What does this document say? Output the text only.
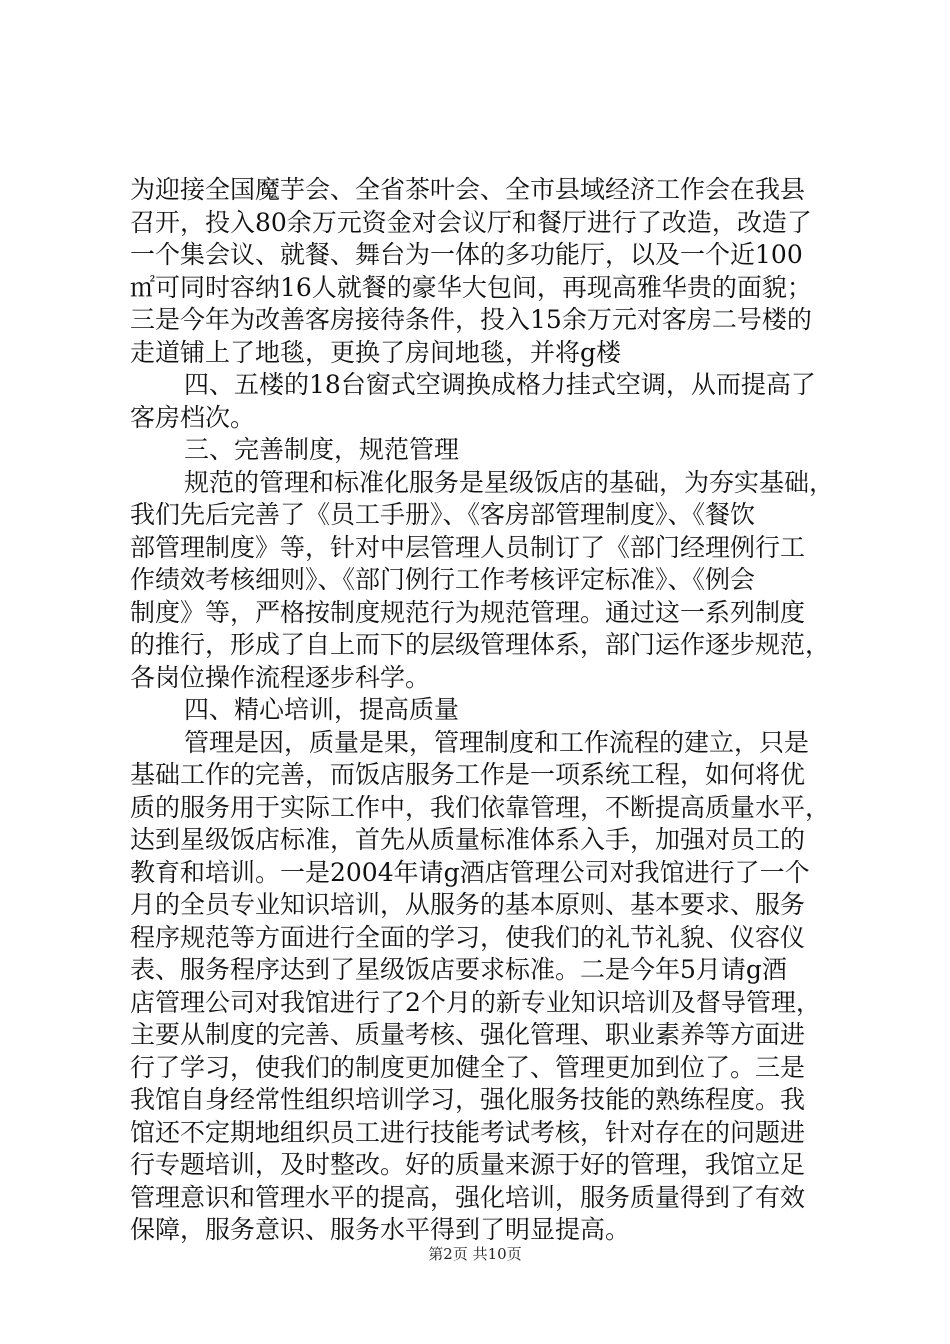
为迎接全国魔芋会、全省茶叶会、全市县域经济工作会在我县
召开，投入80余万元资金对会议厅和餐厅进行了改造，改造了
一个集会议、就餐、舞台为一体的多功能厅，以及一个近100
㎡可同时容纳16人就餐的豪华大包间，再现高雅华贵的面貌；
三是今年为改善客房接待条件，投入15余万元对客房二号楼的
走道铺上了地毯，更换了房间地毯，并将g楼
四、五楼的18台窗式空调换成格力挂式空调，从而提高了
客房档次。
三、完善制度，规范管理
规范的管理和标准化服务是星级饭店的基础，为夯实基础，
我们先后完善了《员工手册》、《客房部管理制度》、《餐饮
部管理制度》等，针对中层管理人员制订了《部门经理例行工
作绩效考核细则》、《部门例行工作考核评定标准》、《例会
制度》等，严格按制度规范行为规范管理。通过这一系列制度
的推行，形成了自上而下的层级管理体系，部门运作逐步规范，
各岗位操作流程逐步科学。
四、精心培训，提高质量
管理是因，质量是果，管理制度和工作流程的建立，只是
基础工作的完善，而饭店服务工作是一项系统工程，如何将优
质的服务用于实际工作中，我们依靠管理，不断提高质量水平，
达到星级饭店标准，首先从质量标准体系入手，加强对员工的
教育和培训。一是2004年请g酒店管理公司对我馆进行了一个
月的全员专业知识培训，从服务的基本原则、基本要求、服务
程序规范等方面进行全面的学习，使我们的礼节礼貌、仪容仪
表、服务程序达到了星级饭店要求标准。二是今年5月请g酒
店管理公司对我馆进行了2个月的新专业知识培训及督导管理，
主要从制度的完善、质量考核、强化管理、职业素养等方面进
行了学习，使我们的制度更加健全了、管理更加到位了。三是
我馆自身经常性组织培训学习，强化服务技能的熟练程度。我
馆还不定期地组织员工进行技能考试考核，针对存在的问题进
行专题培训，及时整改。好的质量来源于好的管理，我馆立足
管理意识和管理水平的提高，强化培训，服务质量得到了有效
保障，服务意识、服务水平得到了明显提高。
第2页 共10页
